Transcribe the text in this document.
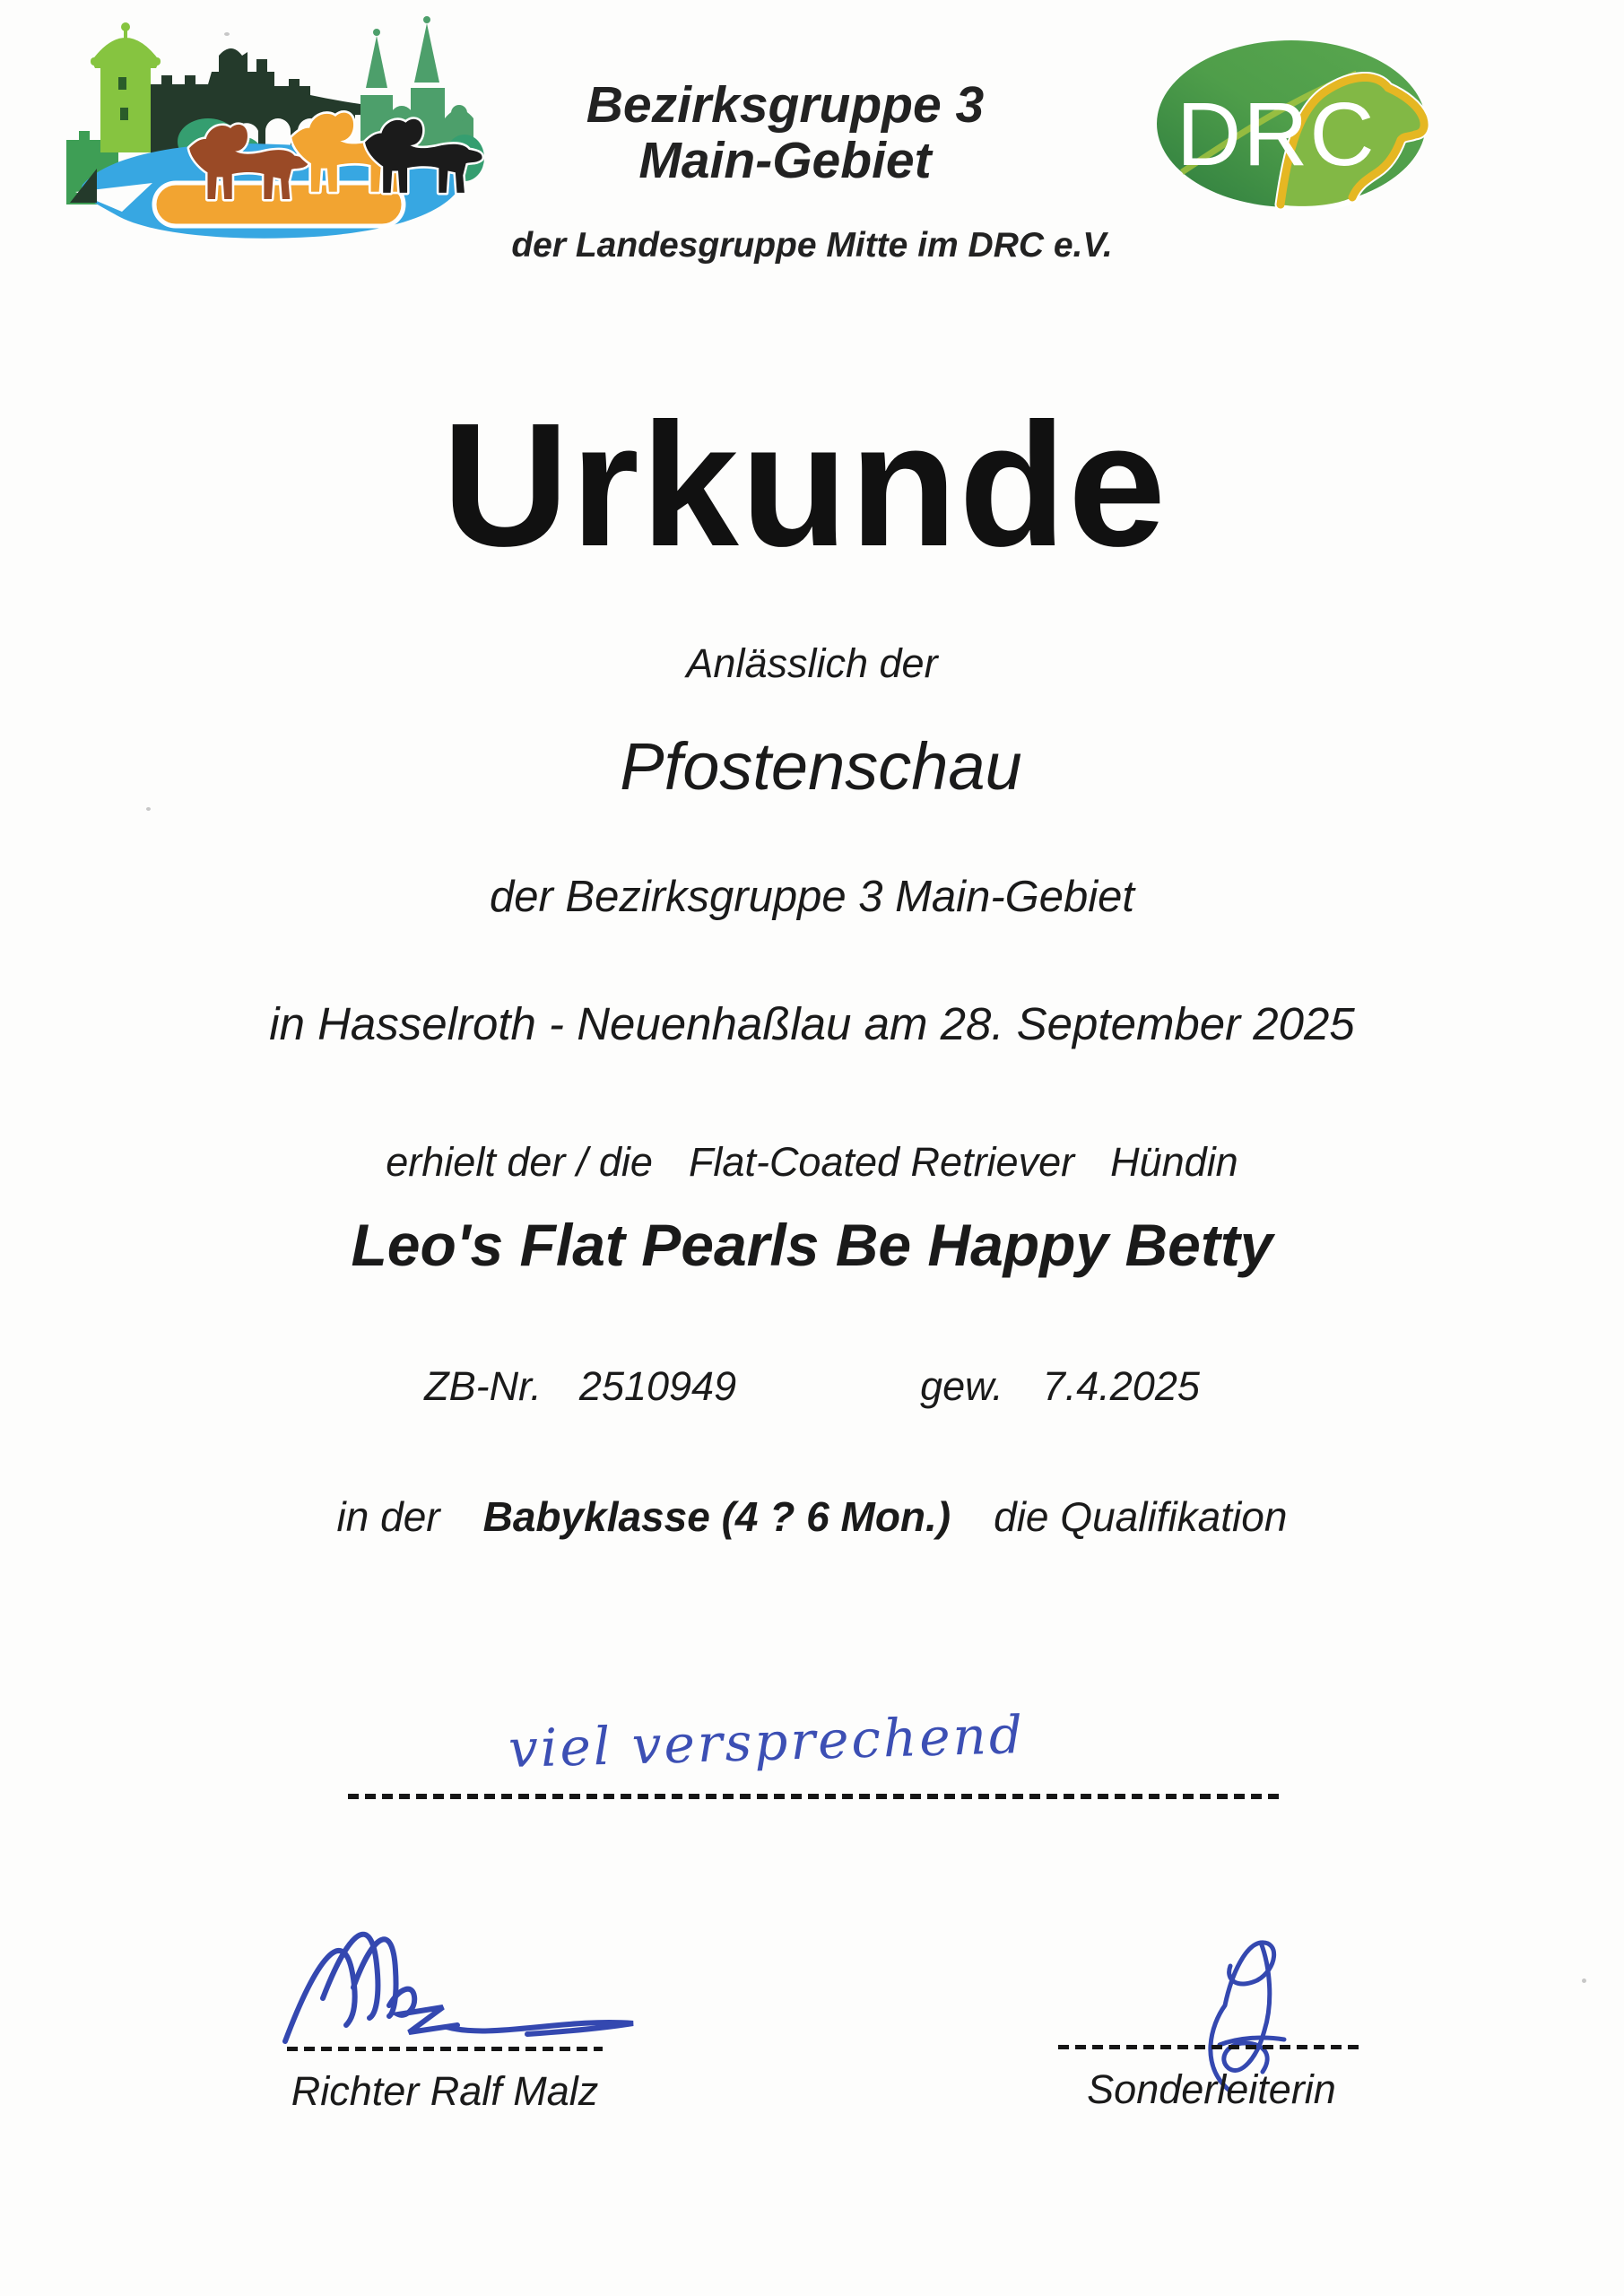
Bezirksgruppe 3
Main-Gebiet
der Landesgruppe Mitte im DRC e.V.
DRC
Urkunde
Anlässlich der
Pfostenschau
der Bezirksgruppe 3 Main-Gebiet
in Hasselroth - Neuenhaßlau am 28. September 2025
erhielt der / die Flat-Coated Retriever Hündin
Leo's Flat Pearls Be Happy Betty
ZB-Nr. 2510949	gew. 7.4.2025
in der Babyklasse (4 ? 6 Mon.) die Qualifikation
viel versprechend
Richter Ralf Malz	Sonderleiterin
